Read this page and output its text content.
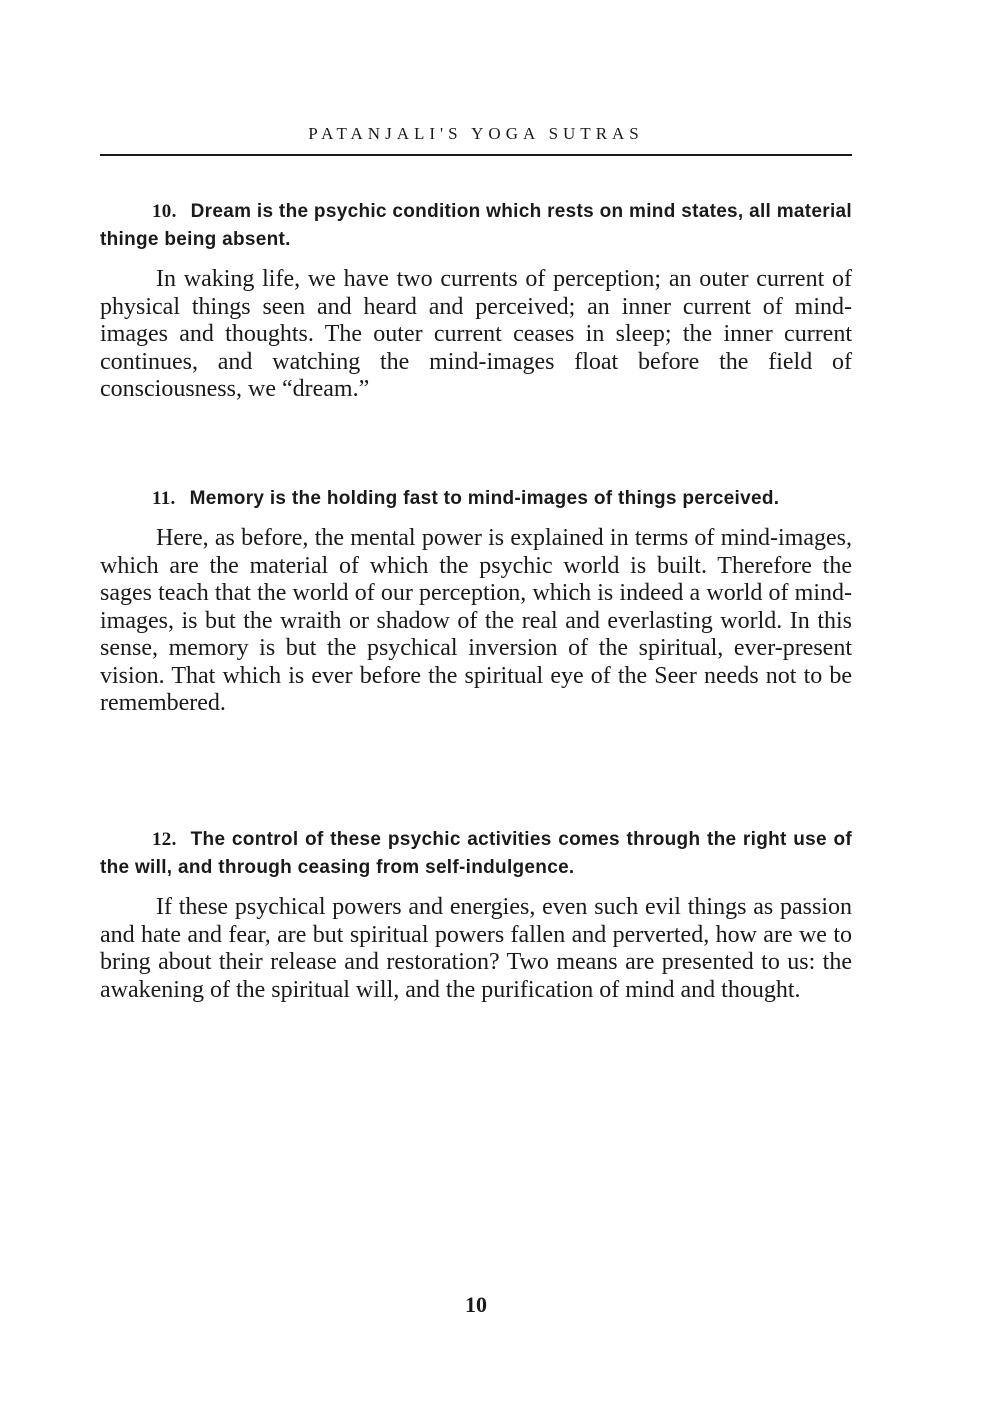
PATANJALI'S YOGA SUTRAS

10. Dream is the psychic condition which rests on mind states, all material thinge being absent.

In waking life, we have two currents of perception; an outer current of physical things seen and heard and perceived; an inner current of mind-images and thoughts. The outer current ceases in sleep; the inner current continues, and watching the mind-images float before the field of consciousness, we “dream.”

11. Memory is the holding fast to mind-images of things perceived.

Here, as before, the mental power is explained in terms of mind-images, which are the material of which the psychic world is built. Therefore the sages teach that the world of our perception, which is indeed a world of mind-images, is but the wraith or shadow of the real and everlasting world. In this sense, memory is but the psychical inversion of the spiritual, ever-present vision. That which is ever before the spiritual eye of the Seer needs not to be remembered.

12. The control of these psychic activities comes through the right use of the will, and through ceasing from self-indulgence.

If these psychical powers and energies, even such evil things as passion and hate and fear, are but spiritual powers fallen and perverted, how are we to bring about their release and restoration? Two means are presented to us: the awakening of the spiritual will, and the purification of mind and thought.

10
